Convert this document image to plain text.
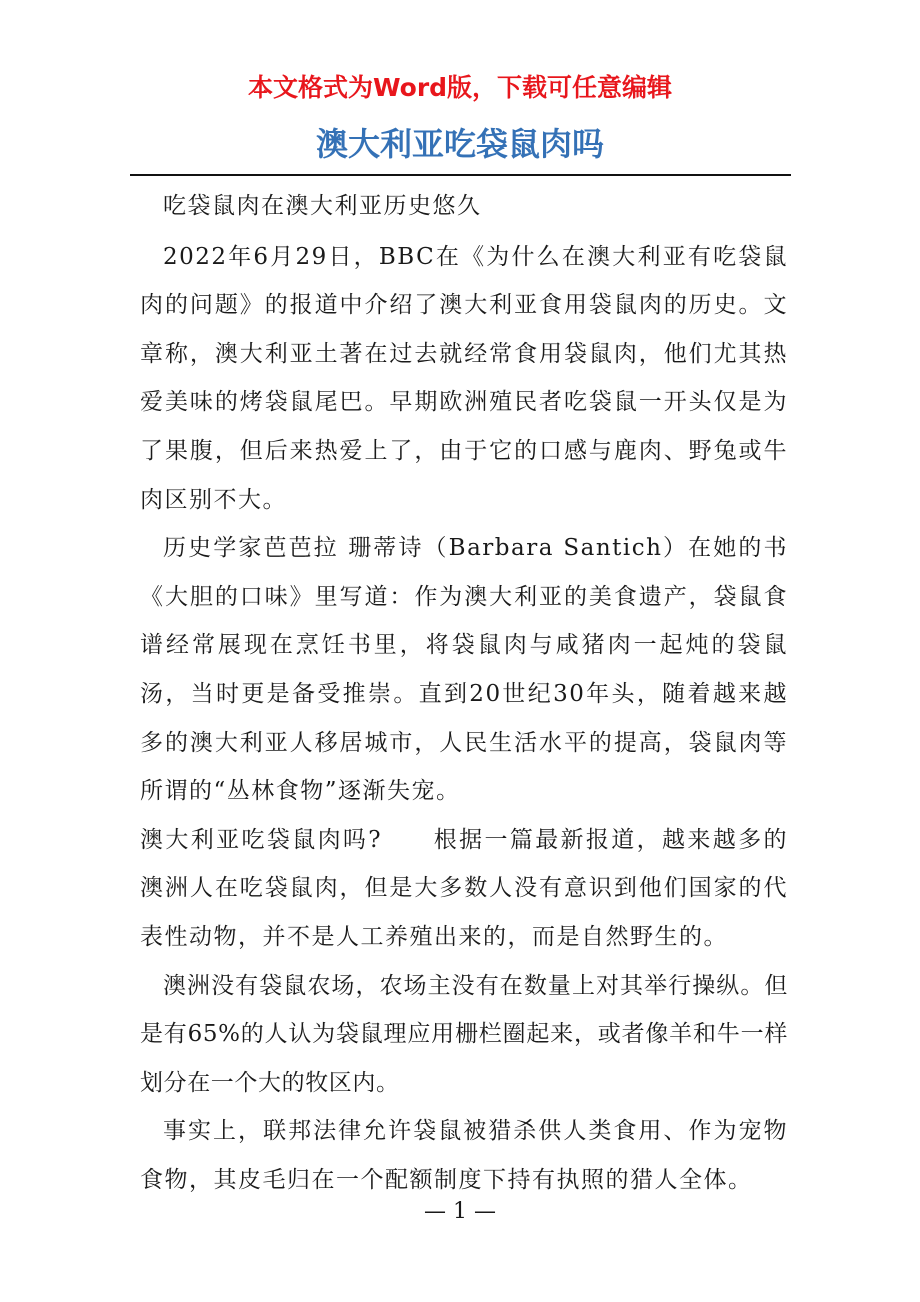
本文格式为Word版，下载可任意编辑
澳大利亚吃袋鼠肉吗

吃袋鼠肉在澳大利亚历史悠久

2022年6月29日，BBC在《为什么在澳大利亚有吃袋鼠肉的问题》的报道中介绍了澳大利亚食用袋鼠肉的历史。文章称，澳大利亚土著在过去就经常食用袋鼠肉，他们尤其热爱美味的烤袋鼠尾巴。早期欧洲殖民者吃袋鼠一开头仅是为了果腹，但后来热爱上了，由于它的口感与鹿肉、野兔或牛肉区别不大。

历史学家芭芭拉 珊蒂诗（Barbara Santich）在她的书《大胆的口味》里写道：作为澳大利亚的美食遗产，袋鼠食谱经常展现在烹饪书里，将袋鼠肉与咸猪肉一起炖的袋鼠汤，当时更是备受推崇。直到20世纪30年头，随着越来越多的澳大利亚人移居城市，人民生活水平的提高，袋鼠肉等所谓的“丛林食物”逐渐失宠。

澳大利亚吃袋鼠肉吗?　　根据一篇最新报道，越来越多的澳洲人在吃袋鼠肉，但是大多数人没有意识到他们国家的代表性动物，并不是人工养殖出来的，而是自然野生的。

澳洲没有袋鼠农场，农场主没有在数量上对其举行操纵。但是有65%的人认为袋鼠理应用栅栏圈起来，或者像羊和牛一样划分在一个大的牧区内。

事实上，联邦法律允许袋鼠被猎杀供人类食用、作为宠物食物，其皮毛归在一个配额制度下持有执照的猎人全体。

— 1 —
